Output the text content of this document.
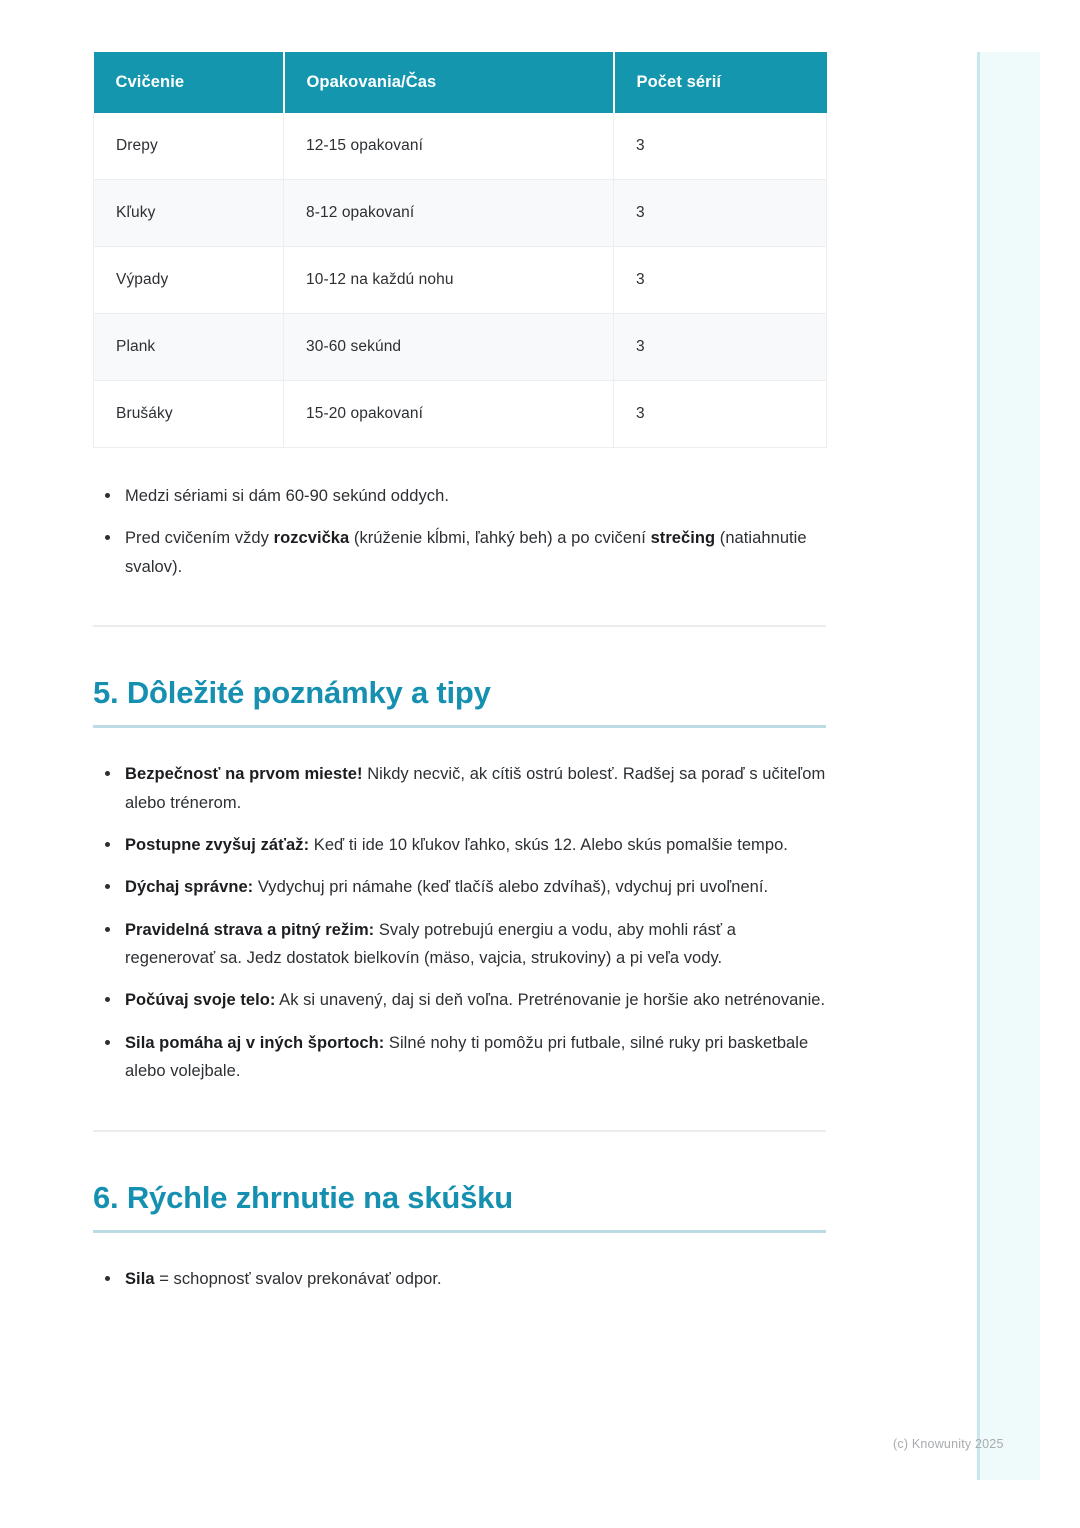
Cvičenie	Opakovania/Čas	Počet sérií
Drepy	12-15 opakovaní	3
Kľuky	8-12 opakovaní	3
Výpady	10-12 na každú nohu	3
Plank	30-60 sekúnd	3
Brušáky	15-20 opakovaní	3
Medzi sériami si dám 60-90 sekúnd oddych.
Pred cvičením vždy rozcvička (krúženie kĺbmi, ľahký beh) a po cvičení strečing (natiahnutie svalov).
5. Dôležité poznámky a tipy
Bezpečnosť na prvom mieste! Nikdy necvič, ak cítiš ostrú bolesť. Radšej sa poraď s učiteľom alebo trénerom.
Postupne zvyšuj záťaž: Keď ti ide 10 kľukov ľahko, skús 12. Alebo skús pomalšie tempo.
Dýchaj správne: Vydychuj pri námahe (keď tlačíš alebo zdvíhaš), vdychuj pri uvoľnení.
Pravidelná strava a pitný režim: Svaly potrebujú energiu a vodu, aby mohli rásť a regenerovať sa. Jedz dostatok bielkovín (mäso, vajcia, strukoviny) a pi veľa vody.
Počúvaj svoje telo: Ak si unavený, daj si deň voľna. Pretrénovanie je horšie ako netrénovanie.
Sila pomáha aj v iných športoch: Silné nohy ti pomôžu pri futbale, silné ruky pri basketbale alebo volejbale.
6. Rýchle zhrnutie na skúšku
Sila = schopnosť svalov prekonávať odpor.
(c) Knowunity 2025
